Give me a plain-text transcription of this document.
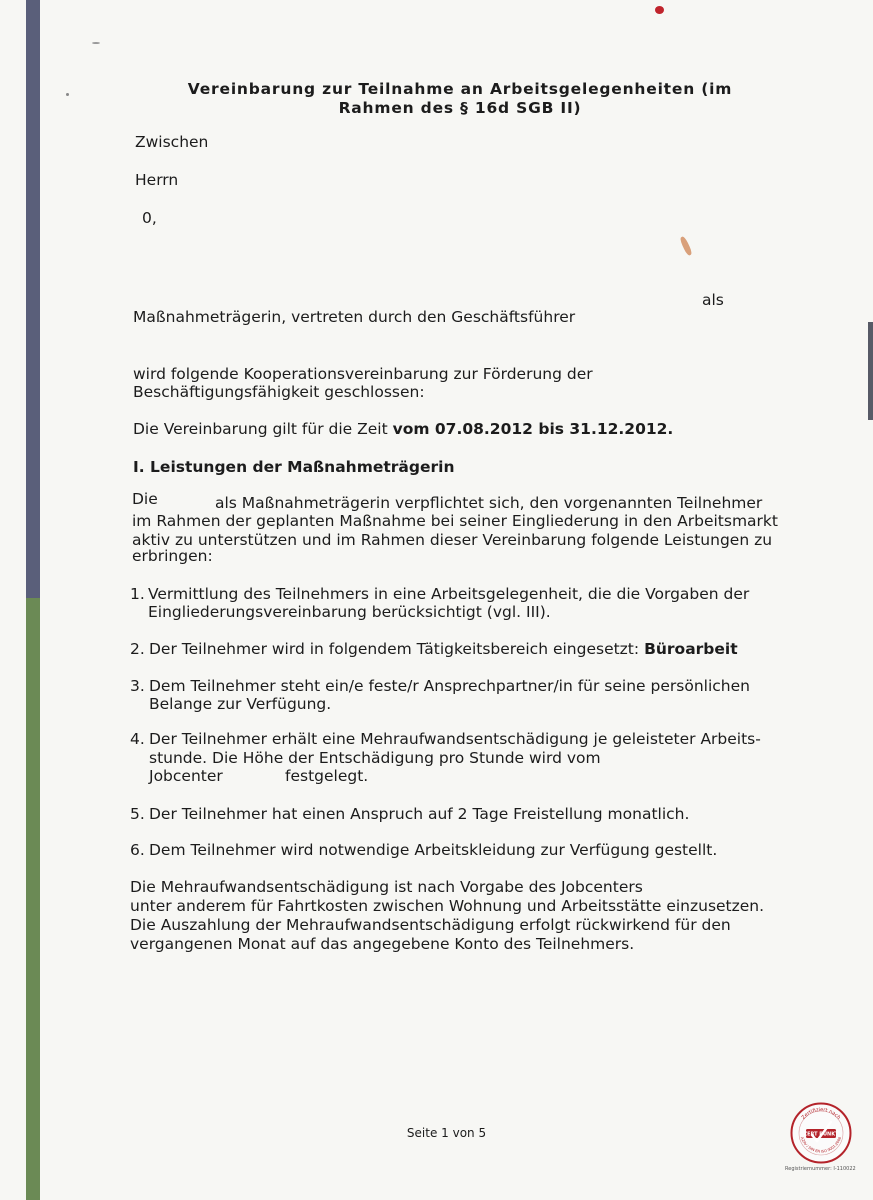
Vereinbarung zur Teilnahme an Arbeitsgelegenheiten (im
Rahmen des § 16d SGB II)
Zwischen
Herrn
0,
als
Maßnahmeträgerin, vertreten durch den Geschäftsführer
wird folgende Kooperationsvereinbarung zur Förderung der
Beschäftigungsfähigkeit geschlossen:
Die Vereinbarung gilt für die Zeit vom 07.08.2012 bis 31.12.2012.
I. Leistungen der Maßnahmeträgerin
Die	als Maßnahmeträgerin verpflichtet sich, den vorgenannten Teilnehmer
im Rahmen der geplanten Maßnahme bei seiner Eingliederung in den Arbeitsmarkt
aktiv zu unterstützen und im Rahmen dieser Vereinbarung folgende Leistungen zu
erbringen:
1. Vermittlung des Teilnehmers in eine Arbeitsgelegenheit, die die Vorgaben der
Eingliederungsvereinbarung berücksichtigt (vgl. III).
2. Der Teilnehmer wird in folgendem Tätigkeitsbereich eingesetzt: Büroarbeit
3. Dem Teilnehmer steht ein/e feste/r Ansprechpartner/in für seine persönlichen
Belange zur Verfügung.
4. Der Teilnehmer erhält eine Mehraufwandsentschädigung je geleisteter Arbeits-
stunde. Die Höhe der Entschädigung pro Stunde wird vom
Jobcenter	festgelegt.
5. Der Teilnehmer hat einen Anspruch auf 2 Tage Freistellung monatlich.
6. Dem Teilnehmer wird notwendige Arbeitskleidung zur Verfügung gestellt.
Die Mehraufwandsentschädigung ist nach Vorgabe des Jobcenters
unter anderem für Fahrtkosten zwischen Wohnung und Arbeitsstätte einzusetzen.
Die Auszahlung der Mehraufwandsentschädigung erfolgt rückwirkend für den
vergangenen Monat auf das angegebene Konto des Teilnehmers.
Seite 1 von 5
Zertifiziert nach
AZAV / DIN EN ISO 9001:2008
ZERT PUNKT
Registriernummer: I-110022
